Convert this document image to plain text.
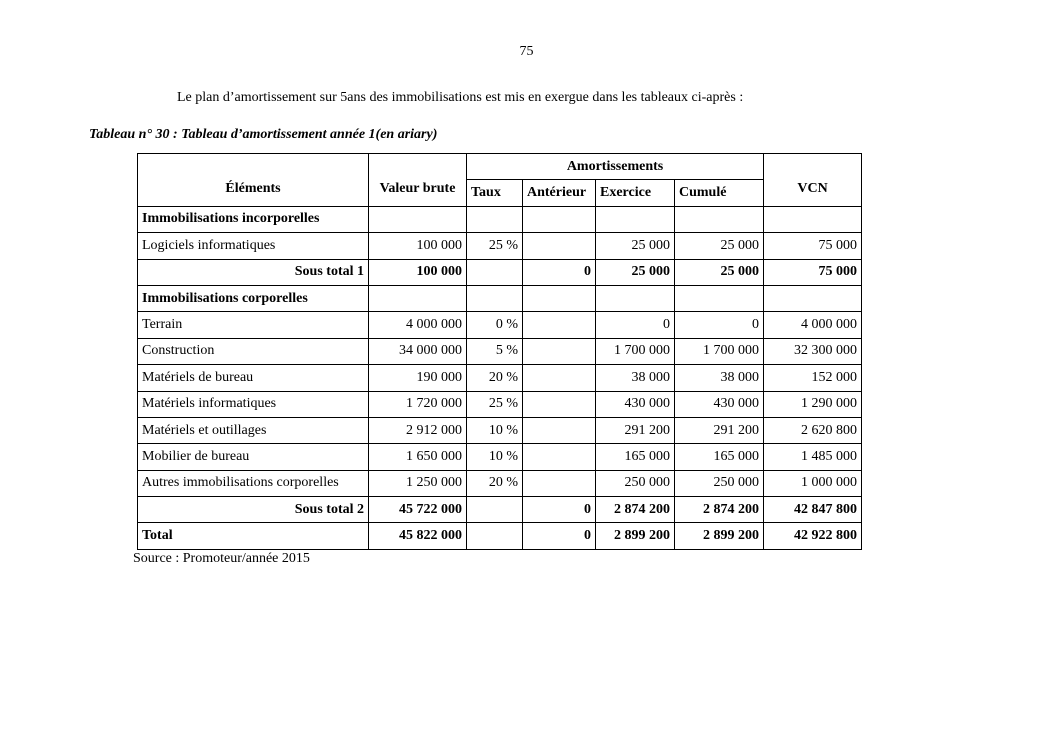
75
Le plan d’amortissement sur 5ans des immobilisations est mis en exergue dans les tableaux ci-après :
Tableau n° 30 : Tableau d’amortissement année 1(en ariary)
Éléments	Valeur brute	Amortissements				VCN
		Taux	Antérieur	Exercice	Cumulé	
Immobilisations incorporelles						
Logiciels informatiques	100 000	25 %		25 000	25 000	75 000
Sous total 1	100 000		0	25 000	25 000	75 000
Immobilisations corporelles						
Terrain	4 000 000	0 %		0	0	4 000 000
Construction	34 000 000	5 %		1 700 000	1 700 000	32 300 000
Matériels de bureau	190 000	20 %		38 000	38 000	152 000
Matériels informatiques	1 720 000	25 %		430 000	430 000	1 290 000
Matériels et outillages	2 912 000	10 %		291 200	291 200	2 620 800
Mobilier de bureau	1 650 000	10 %		165 000	165 000	1 485 000
Autres immobilisations corporelles	1 250 000	20 %		250 000	250 000	1 000 000
Sous total 2	45 722 000		0	2 874 200	2 874 200	42 847 800
Total	45 822 000		0	2 899 200	2 899 200	42 922 800
Source : Promoteur/année 2015
